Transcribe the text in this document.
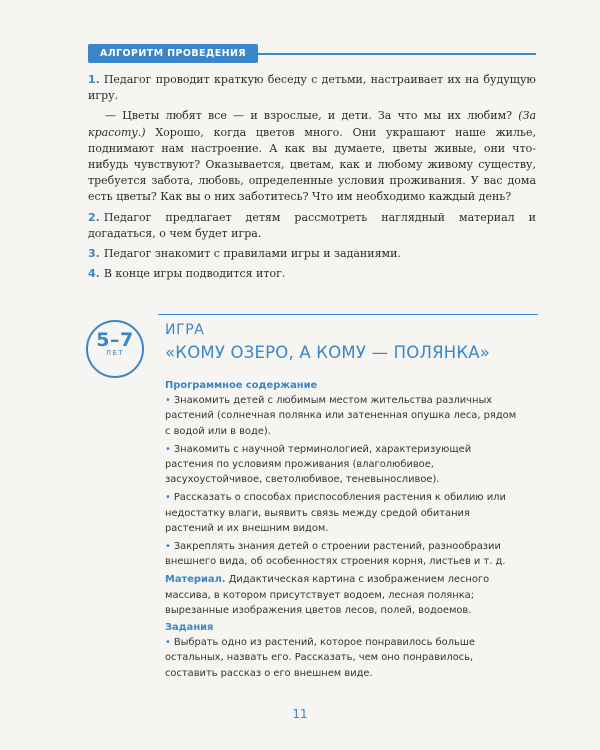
АЛГОРИТМ ПРОВЕДЕНИЯ

1. Педагог проводит краткую беседу с детьми, настраивает их на будущую игру.

— Цветы любят все — и взрослые, и дети. За что мы их любим? (За красоту.) Хорошо, когда цветов много. Они украшают наше жилье, поднимают нам настроение. А как вы думаете, цветы живые, они что-нибудь чувствуют? Оказывается, цветам, как и любому живому существу, требуется забота, любовь, определенные условия проживания. У вас дома есть цветы? Как вы о них заботитесь? Что им необходимо каждый день?

2. Педагог предлагает детям рассмотреть наглядный материал и догадаться, о чем будет игра.

3. Педагог знакомит с правилами игры и заданиями.

4. В конце игры подводится итог.

5–7
ЛЕТ
ИГРА
«КОМУ ОЗЕРО, А КОМУ — ПОЛЯНКА»

Программное содержание

• Знакомить детей с любимым местом жительства различных растений (солнечная полянка или затененная опушка леса, рядом с водой или в воде).

• Знакомить с научной терминологией, характеризующей растения по условиям проживания (влаголюбивое, засухоустойчивое, светолюбивое, теневыносливое).

• Рассказать о способах приспособления растения к обилию или недостатку влаги, выявить связь между средой обитания растений и их внешним видом.

• Закреплять знания детей о строении растений, разнообразии внешнего вида, об особенностях строения корня, листьев и т. д.

Материал. Дидактическая картина с изображением лесного массива, в котором присутствует водоем, лесная полянка; вырезанные изображения цветов лесов, полей, водоемов.

Задания

• Выбрать одно из растений, которое понравилось больше остальных, назвать его. Рассказать, чем оно понравилось, составить рассказ о его внешнем виде.

11
